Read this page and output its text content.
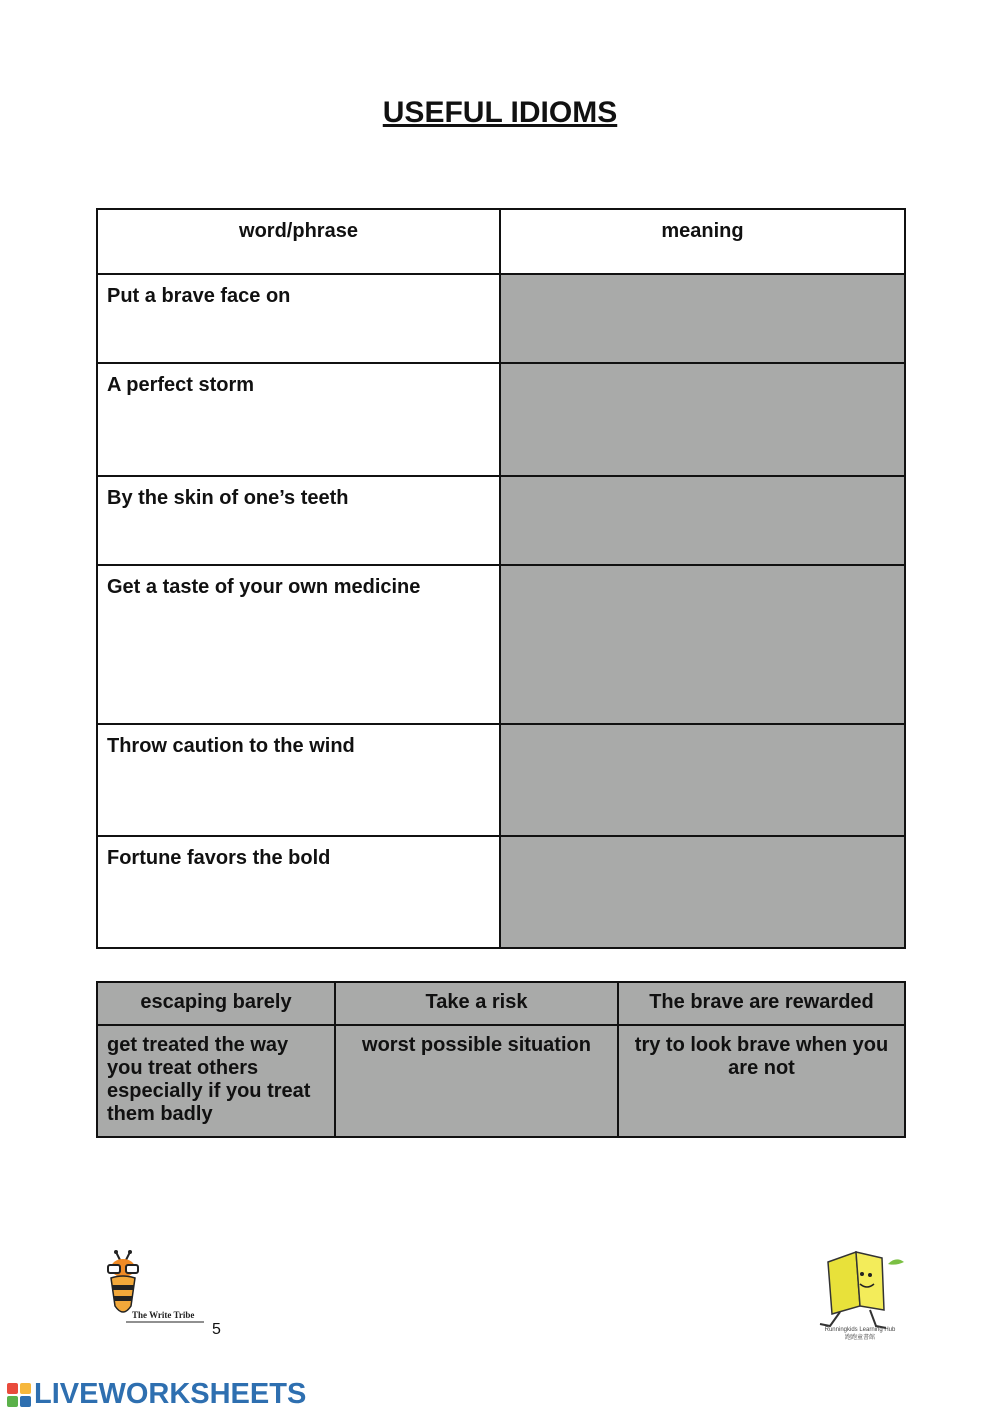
USEFUL IDIOMS
word/phrase	meaning
Put a brave face on	
A perfect storm	
By the skin of one’s teeth	
Get a taste of your own medicine	
Throw caution to the wind	
Fortune favors the bold	
escaping barely	Take a risk	The brave are rewarded
get treated the way you treat others especially if you treat them badly	worst possible situation	try to look brave when you are not
The Write Tribe
5	Runningkids Learning Hub
跑跑童書館
LIVEWORKSHEETS
